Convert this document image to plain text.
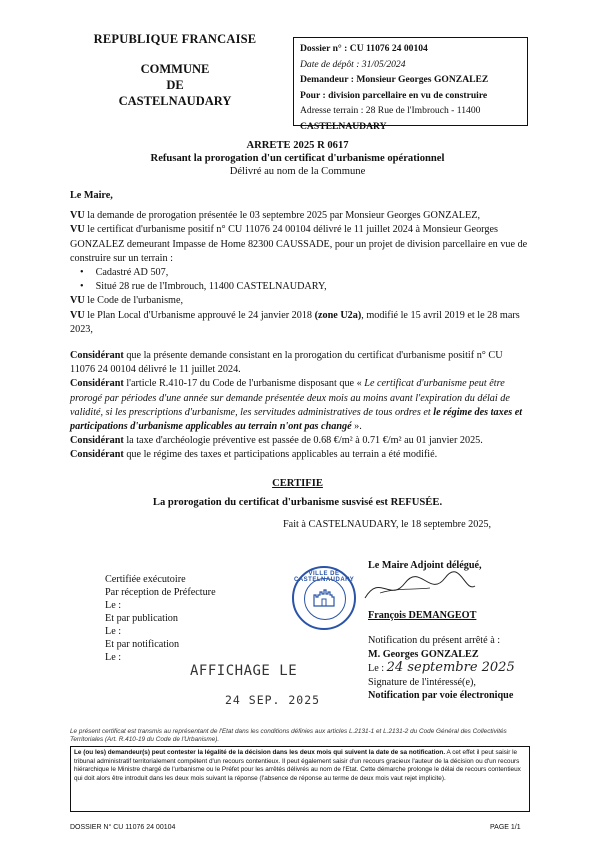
REPUBLIQUE FRANCAISE
COMMUNE
DE
CASTELNAUDARY
Dossier n° : CU 11076 24 00104
Date de dépôt : 31/05/2024
Demandeur : Monsieur Georges GONZALEZ
Pour : division parcellaire en vu de construire
Adresse terrain : 28 Rue de l'Imbrouch - 11400
CASTELNAUDARY
ARRETE 2025 R 0617
Refusant la prorogation d'un certificat d'urbanisme opérationnel
Délivré au nom de la Commune

Le Maire,

VU la demande de prorogation présentée le 03 septembre 2025 par Monsieur Georges GONZALEZ,

VU le certificat d'urbanisme positif n° CU 11076 24 00104 délivré le 11 juillet 2024 à Monsieur Georges GONZALEZ demeurant Impasse de Home 82300 CAUSSADE, pour un projet de division parcellaire en vue de construire sur un terrain :

• Cadastré AD 507,
• Situé 28 rue de l'Imbrouch, 11400 CASTELNAUDARY,

VU le Code de l'urbanisme,

VU le Plan Local d'Urbanisme approuvé le 24 janvier 2018 (zone U2a), modifié le 15 avril 2019 et le 28 mars 2023,

Considérant que la présente demande consistant en la prorogation du certificat d'urbanisme positif n° CU 11076 24 00104 délivré le 11 juillet 2024.

Considérant l'article R.410-17 du Code de l'urbanisme disposant que « Le certificat d'urbanisme peut être prorogé par périodes d'une année sur demande présentée deux mois au moins avant l'expiration du délai de validité, si les prescriptions d'urbanisme, les servitudes administratives de tous ordres et le régime des taxes et participations d'urbanisme applicables au terrain n'ont pas changé ».

Considérant la taxe d'archéologie préventive est passée de 0.68 €/m² à 0.71 €/m² au 01 janvier 2025.

Considérant que le régime des taxes et participations applicables au terrain a été modifié.

CERTIFIE
La prorogation du certificat d'urbanisme susvisé est REFUSÉE.
Fait à CASTELNAUDARY, le 18 septembre 2025,
Le Maire Adjoint délégué,
VILLE DE CASTELNAUDARY
François DEMANGEOT
Certifiée exécutoire
Par réception de Préfecture
Le :
Et par publication
Le :
Et par notification
Le :
Notification du présent arrêté à :
M. Georges GONZALEZ
Le : 24 septembre 2025
Signature de l'intéressé(e),
Notification par voie électronique
AFFICHAGE LE
24 SEP. 2025
Le présent certificat est transmis au représentant de l'Etat dans les conditions définies aux articles L.2131-1 et L.2131-2 du Code Général des Collectivités Territoriales (Art. R.410-19 du Code de l'Urbanisme).
Le (ou les) demandeur(s) peut contester la légalité de la décision dans les deux mois qui suivent la date de sa notification. A cet effet il peut saisir le tribunal administratif territorialement compétent d'un recours contentieux. Il peut également saisir d'un recours gracieux l'auteur de la décision ou d'un recours hiérarchique le Ministre chargé de l'urbanisme ou le Préfet pour les arrêtés délivrés au nom de l'Etat. Cette démarche prolonge le délai de recours contentieux qui doit alors être introduit dans les deux mois suivant la réponse (l'absence de réponse au terme de deux mois vaut rejet implicite).
DOSSIER N° CU 11076 24 00104	PAGE 1/1
